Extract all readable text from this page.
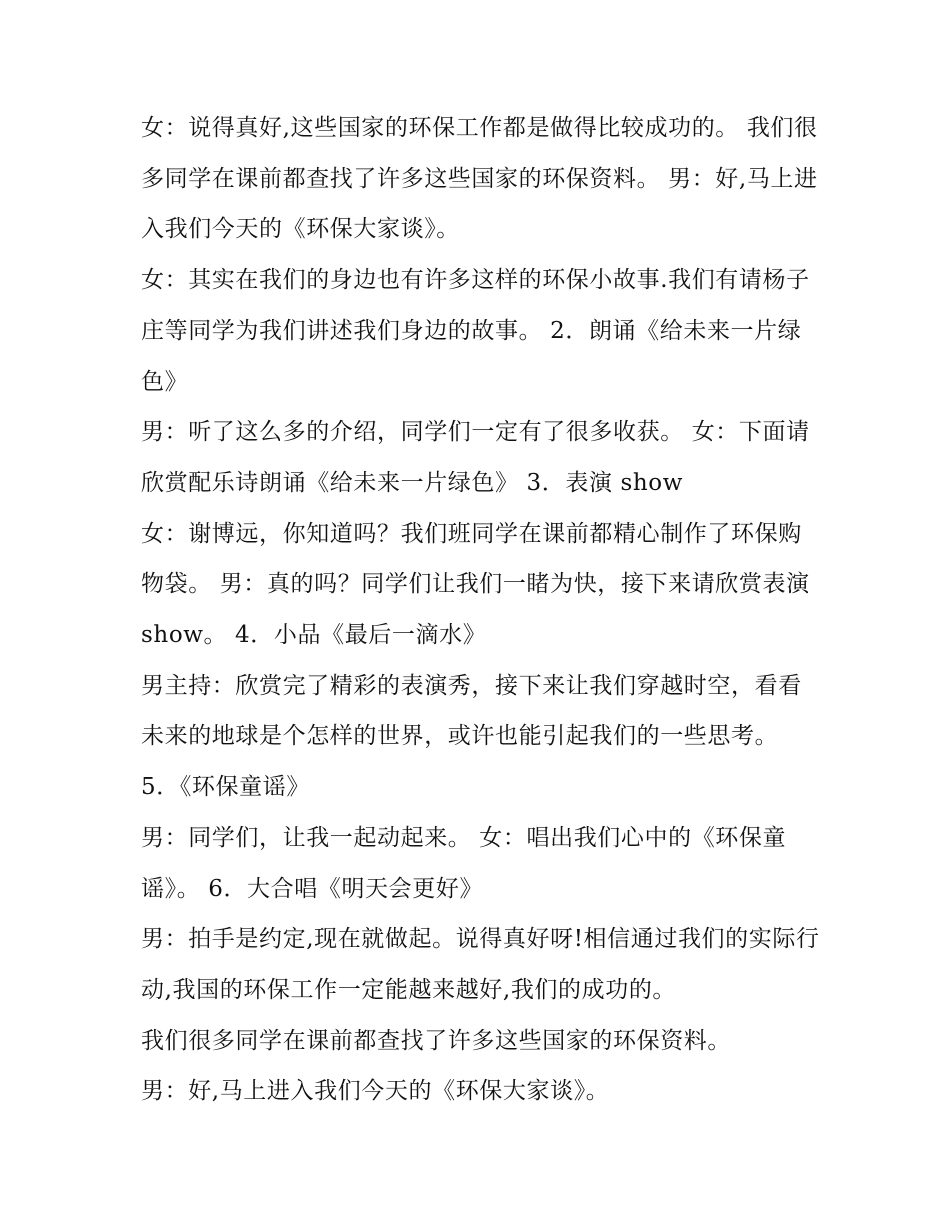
女：说得真好,这些国家的环保工作都是做得比较成功的。 我们很多同学在课前都查找了许多这些国家的环保资料。 男：好,马上进入我们今天的《环保大家谈》。

女：其实在我们的身边也有许多这样的环保小故事.我们有请杨子庄等同学为我们讲述我们身边的故事。 2．朗诵《给未来一片绿色》

男：听了这么多的介绍，同学们一定有了很多收获。 女：下面请欣赏配乐诗朗诵《给未来一片绿色》 3．表演 show

女：谢博远，你知道吗？我们班同学在课前都精心制作了环保购物袋。 男：真的吗？同学们让我们一睹为快，接下来请欣赏表演 show。 4．小品《最后一滴水》

男主持：欣赏完了精彩的表演秀，接下来让我们穿越时空，看看未来的地球是个怎样的世界，或许也能引起我们的一些思考。 5．《环保童谣》

男：同学们，让我一起动起来。 女：唱出我们心中的《环保童谣》。 6．大合唱《明天会更好》

男：拍手是约定,现在就做起。说得真好呀!相信通过我们的实际行动,我国的环保工作一定能越来越好,我们的成功的。

我们很多同学在课前都查找了许多这些国家的环保资料。

男：好,马上进入我们今天的《环保大家谈》。
